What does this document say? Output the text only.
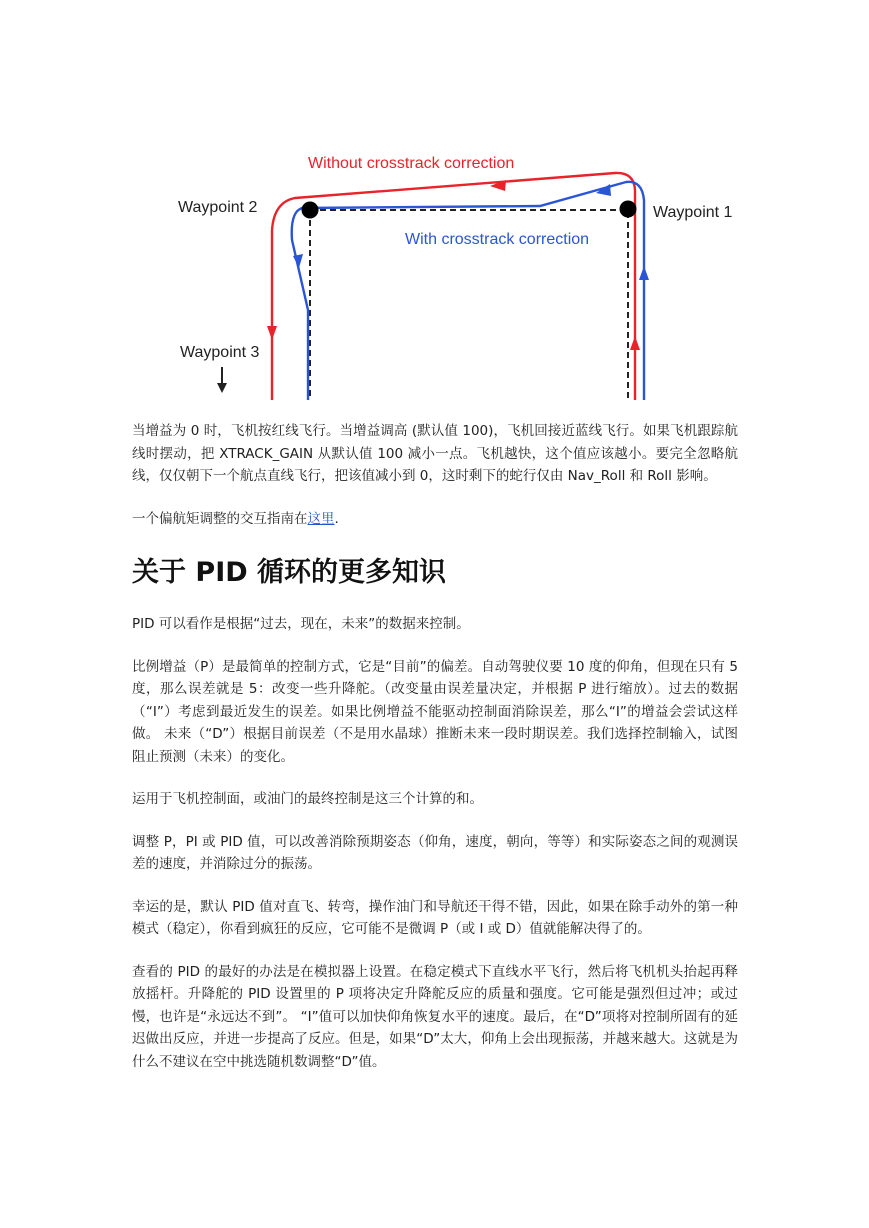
Without crosstrack correction
With crosstrack correction
Waypoint 1
Waypoint 2
Waypoint 3

当增益为 0 时，飞机按红线飞行。当增益调高 (默认值 100)，飞机回接近蓝线飞行。如果飞机跟踪航线时摆动，把 XTRACK_GAIN 从默认值 100 减小一点。飞机越快，这个值应该越小。要完全忽略航线，仅仅朝下一个航点直线飞行，把该值减小到 0，这时剩下的蛇行仅由 Nav_Roll 和 Roll 影响。

一个偏航矩调整的交互指南在这里.

关于 PID 循环的更多知识

PID 可以看作是根据“过去，现在，未来”的数据来控制。

比例增益（P）是最简单的控制方式，它是“目前”的偏差。自动驾驶仪要 10 度的仰角，但现在只有 5 度，那么误差就是 5：改变一些升降舵。（改变量由误差量决定，并根据 P 进行缩放）。过去的数据（“I”）考虑到最近发生的误差。如果比例增益不能驱动控制面消除误差，那么“I”的增益会尝试这样做。 未来（“D”）根据目前误差（不是用水晶球）推断未来一段时期误差。我们选择控制输入，试图阻止预测（未来）的变化。

运用于飞机控制面，或油门的最终控制是这三个计算的和。

调整 P，PI 或 PID 值，可以改善消除预期姿态（仰角，速度，朝向，等等）和实际姿态之间的观测误差的速度，并消除过分的振荡。

幸运的是，默认 PID 值对直飞、转弯，操作油门和导航还干得不错，因此，如果在除手动外的第一种模式（稳定），你看到疯狂的反应，它可能不是微调 P（或 I 或 D）值就能解决得了的。

查看的 PID 的最好的办法是在模拟器上设置。在稳定模式下直线水平飞行，然后将飞机机头抬起再释放摇杆。升降舵的 PID 设置里的 P 项将决定升降舵反应的质量和强度。它可能是强烈但过冲；或过慢，也许是“永远达不到”。 “I”值可以加快仰角恢复水平的速度。最后，在“D”项将对控制所固有的延迟做出反应，并进一步提高了反应。但是，如果“D”太大，仰角上会出现振荡，并越来越大。这就是为什么不建议在空中挑选随机数调整“D”值。
